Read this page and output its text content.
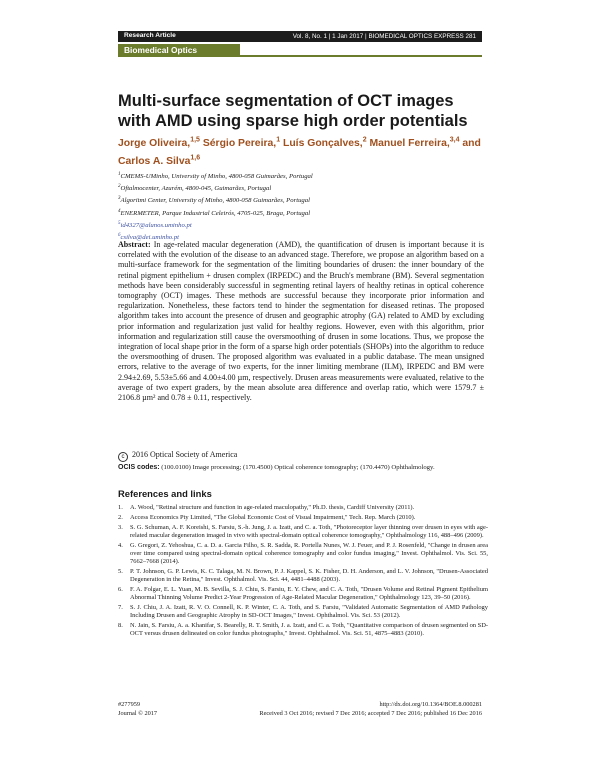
Research Article	Vol. 8, No. 1 | 1 Jan 2017 | BIOMEDICAL OPTICS EXPRESS 281
Biomedical Optics EXPRESS
Multi-surface segmentation of OCT images with AMD using sparse high order potentials

Jorge Oliveira,$^{1,5}$ Sérgio Pereira,$^1$ Luís Gonçalves,$^2$ Manuel Ferreira,$^{3,4}$ and Carlos A. Silva$^{1,6}$

$^1$CMEMS-UMinho, University of Minho, 4800-058 Guimarães, Portugal
$^2$Oftalmocenter, Azurém, 4800-045, Guimarães, Portugal
$^3$Algoritmi Center, University of Minho, 4800-058 Guimarães, Portugal
$^4$ENERMETER, Parque Industrial Celeirós, 4705-025, Braga, Portugal
$^5$id4327@alunos.uminho.pt
$^6$csilva@dei.uminho.pt

Abstract: In age-related macular degeneration (AMD), the quantification of drusen is important because it is correlated with the evolution of the disease to an advanced stage. Therefore, we propose an algorithm based on a multi-surface framework for the segmentation of the limiting boundaries of drusen: the inner boundary of the retinal pigment epithelium + drusen complex (IRPEDC) and the Bruch's membrane (BM). Several segmentation methods have been considerably successful in segmenting retinal layers of healthy retinas in optical coherence tomography (OCT) images. These methods are successful because they incorporate prior information and regularization. Nonetheless, these factors tend to hinder the segmentation for diseased retinas. The proposed algorithm takes into account the presence of drusen and geographic atrophy (GA) related to AMD by excluding prior information and regularization just valid for healthy regions. However, even with this algorithm, prior information and regularization still cause the oversmoothing of drusen in some locations. Thus, we propose the integration of local shape prior in the form of a sparse high order potentials (SHOPs) into the algorithm to reduce the oversmoothing of drusen. The proposed algorithm was evaluated in a public database. The mean unsigned errors, relative to the average of two experts, for the inner limiting membrane (ILM), IRPEDC and BM were 2.94±2.69, 5.53±5.66 and 4.00±4.00 µm, respectively. Drusen areas measurements were evaluated, relative to the average of two expert graders, by the mean absolute area difference and overlap ratio, which were 1579.7 ± 2106.8 µm² and 0.78 ± 0.11, respectively.

c 2016 Optical Society of America
OCIS codes: (100.0100) Image processing; (170.4500) Optical coherence tomography; (170.4470) Ophthalmology.
References and links
1. A. Wood, "Retinal structure and function in age-related maculopathy," Ph.D. thesis, Cardiff University (2011).
2. Access Economics Pty Limited, "The Global Economic Cost of Visual Impairment," Tech. Rep. March (2010).
3. S. G. Schuman, A. F. Koreishi, S. Farsiu, S.-h. Jung, J. a. Izatt, and C. a. Toth, "Photoreceptor layer thinning over drusen in eyes with age-related macular degeneration imaged in vivo with spectral-domain optical coherence tomography," Ophthalmology 116, 488–496 (2009).
4. G. Gregori, Z. Yehoshua, C. a. D. a. Garcia Filho, S. R. Sadda, R. Portella Nunes, W. J. Feuer, and P. J. Rosenfeld, "Change in drusen area over time compared using spectral-domain optical coherence tomography and color fundus imaging," Invest. Ophthalmol. Vis. Sci. 55, 7662–7668 (2014).
5. P. T. Johnson, G. P. Lewis, K. C. Talaga, M. N. Brown, P. J. Kappel, S. K. Fisher, D. H. Anderson, and L. V. Johnson, "Drusen-Associated Degeneration in the Retina," Invest. Ophthalmol. Vis. Sci. 44, 4481–4488 (2003).
6. F. A. Folgar, E. L. Yuan, M. B. Sevilla, S. J. Chiu, S. Farsiu, E. Y. Chew, and C. A. Toth, "Drusen Volume and Retinal Pigment Epithelium Abnormal Thinning Volume Predict 2-Year Progression of Age-Related Macular Degeneration," Ophthalmology 123, 39–50 (2016).
7. S. J. Chiu, J. A. Izatt, R. V. O. Connell, K. P. Winter, C. A. Toth, and S. Farsiu, "Validated Automatic Segmentation of AMD Pathology Including Drusen and Geographic Atrophy in SD-OCT Images," Invest. Ophthalmol. Vis. Sci. 53 (2012).
8. N. Jain, S. Farsiu, A. a. Khanifar, S. Bearelly, R. T. Smith, J. a. Izatt, and C. a. Toth, "Quantitative comparison of drusen segmented on SD-OCT versus drusen delineated on color fundus photographs," Invest. Ophthalmol. Vis. Sci. 51, 4875–4883 (2010).
#277959
Journal © 2017
http://dx.doi.org/10.1364/BOE.8.000281
Received 3 Oct 2016; revised 7 Dec 2016; accepted 7 Dec 2016; published 16 Dec 2016
